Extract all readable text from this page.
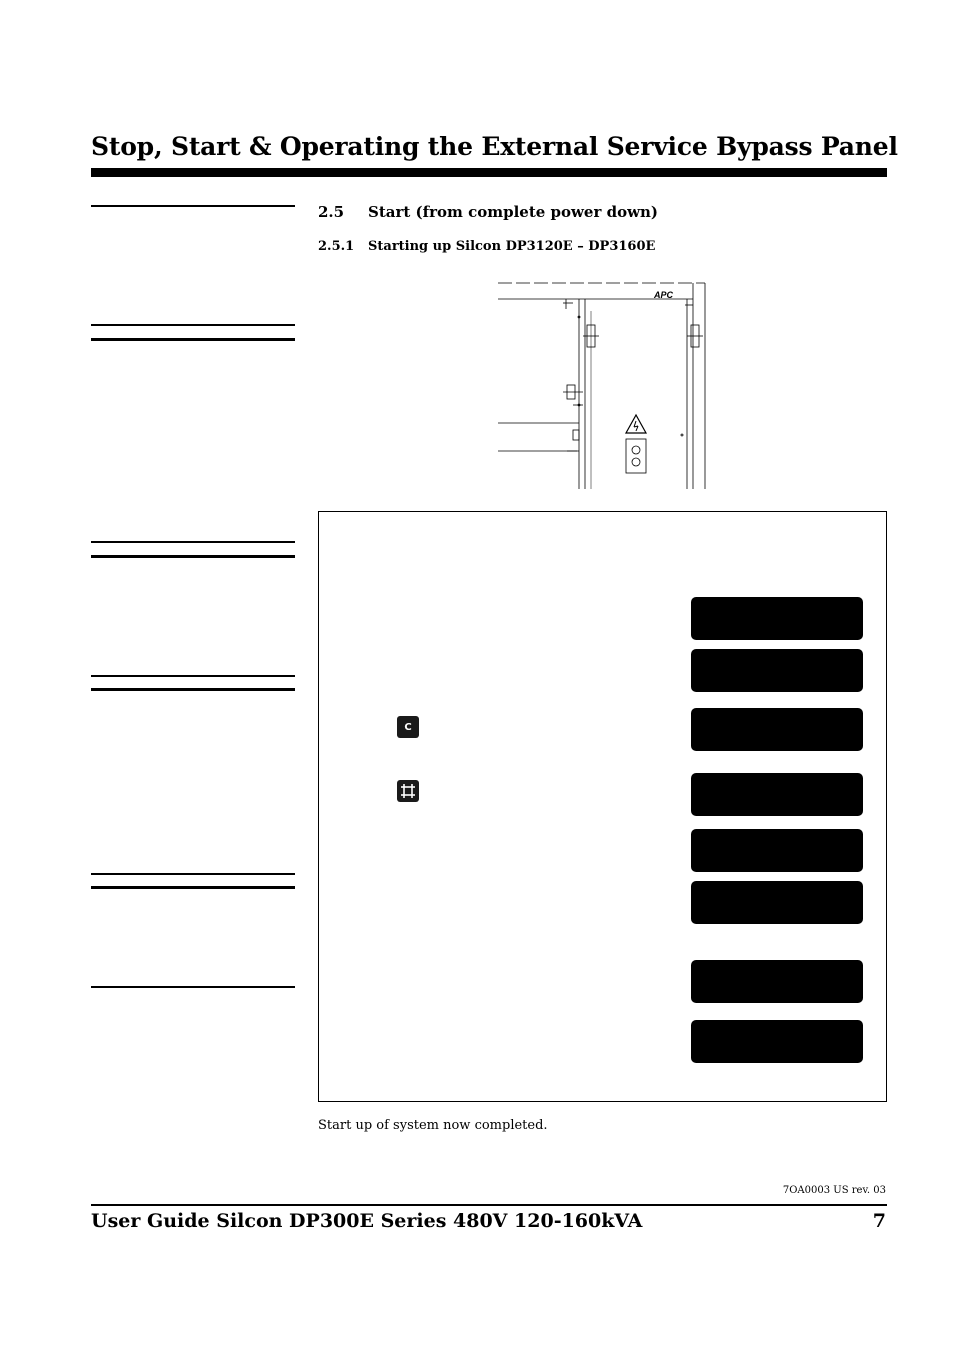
Stop, Start & Operating the External Service Bypass Panel
2.5 Start (from complete power down)
2.5.1 Starting up Silcon DP3120E – DP3160E
APC
C
Start up of system now completed.
7OA0003 US rev. 03
User Guide Silcon DP300E Series 480V 120-160kVA	7
